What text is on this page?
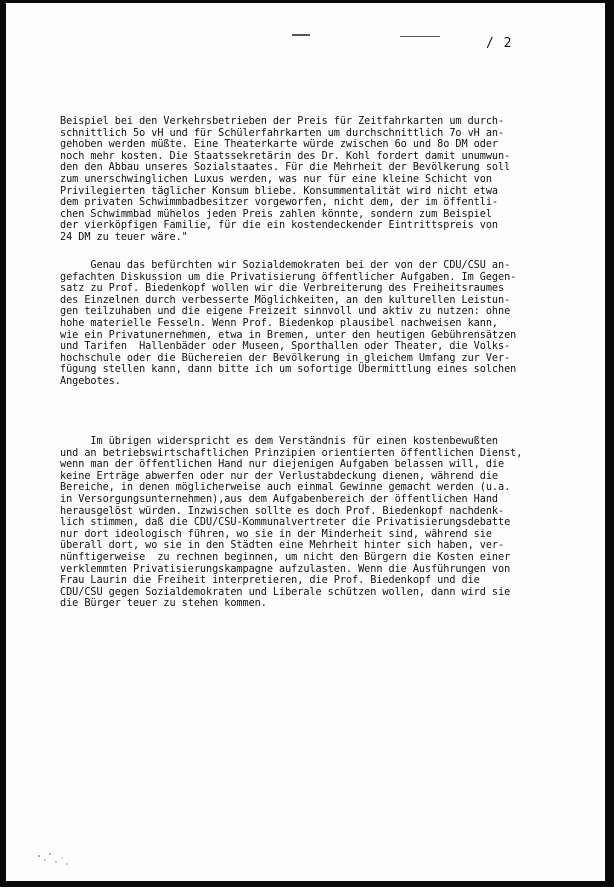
/ 2
Beispiel bei den Verkehrsbetrieben der Preis für Zeitfahrkarten um durch-
schnittlich 5o vH und für Schülerfahrkarten um durchschnittlich 7o vH an-
gehoben werden müßte. Eine Theaterkarte würde zwischen 6o und 8o DM oder
noch mehr kosten. Die Staatssekretärin des Dr. Kohl fordert damit unumwun-
den den Abbau unseres Sozialstaates. Für die Mehrheit der Bevölkerung soll
zum unerschwinglichen Luxus werden, was nur für eine kleine Schicht von
Privilegierten täglicher Konsum bliebe. Konsummentalität wird nicht etwa
dem privaten Schwimmbadbesitzer vorgeworfen, nicht dem, der im öffentli-
chen Schwimmbad mühelos jeden Preis zahlen könnte, sondern zum Beispiel
der vierköpfigen Familie, für die ein kostendeckender Eintrittspreis von
24 DM zu teuer wäre."
Genau das befürchten wir Sozialdemokraten bei der von der CDU/CSU an-
gefachten Diskussion um die Privatisierung öffentlicher Aufgaben. Im Gegen-
satz zu Prof. Biedenkopf wollen wir die Verbreiterung des Freiheitsraumes
des Einzelnen durch verbesserte Möglichkeiten, an den kulturellen Leistun-
gen teilzuhaben und die eigene Freizeit sinnvoll und aktiv zu nutzen: ohne
hohe materielle Fesseln. Wenn Prof. Biedenkop plausibel nachweisen kann,
wie ein Privatunernehmen, etwa in Bremen, unter den heutigen Gebührensätzen
und Tarifen  Hallenbäder oder Museen, Sporthallen oder Theater, die Volks-
hochschule oder die Büchereien der Bevölkerung in gleichem Umfang zur Ver-
fügung stellen kann, dann bitte ich um sofortige Übermittlung eines solchen
Angebotes.
Im übrigen widerspricht es dem Verständnis für einen kostenbewußten
und an betriebswirtschaftlichen Prinzipien orientierten öffentlichen Dienst,
wenn man der öffentlichen Hand nur diejenigen Aufgaben belassen will, die
keine Erträge abwerfen oder nur der Verlustabdeckung dienen, während die
Bereiche, in denen möglicherweise auch einmal Gewinne gemacht werden (u.a.
in Versorgungsunternehmen),aus dem Aufgabenbereich der öffentlichen Hand
herausgelöst würden. Inzwischen sollte es doch Prof. Biedenkopf nachdenk-
lich stimmen, daß die CDU/CSU-Kommunalvertreter die Privatisierungsdebatte
nur dort ideologisch führen, wo sie in der Minderheit sind, während sie
überall dort, wo sie in den Städten eine Mehrheit hinter sich haben, ver-
nünftigerweise  zu rechnen beginnen, um nicht den Bürgern die Kosten einer
verklemmten Privatisierungskampagne aufzulasten. Wenn die Ausführungen von
Frau Laurin die Freiheit interpretieren, die Prof. Biedenkopf und die
CDU/CSU gegen Sozialdemokraten und Liberale schützen wollen, dann wird sie
die Bürger teuer zu stehen kommen.
